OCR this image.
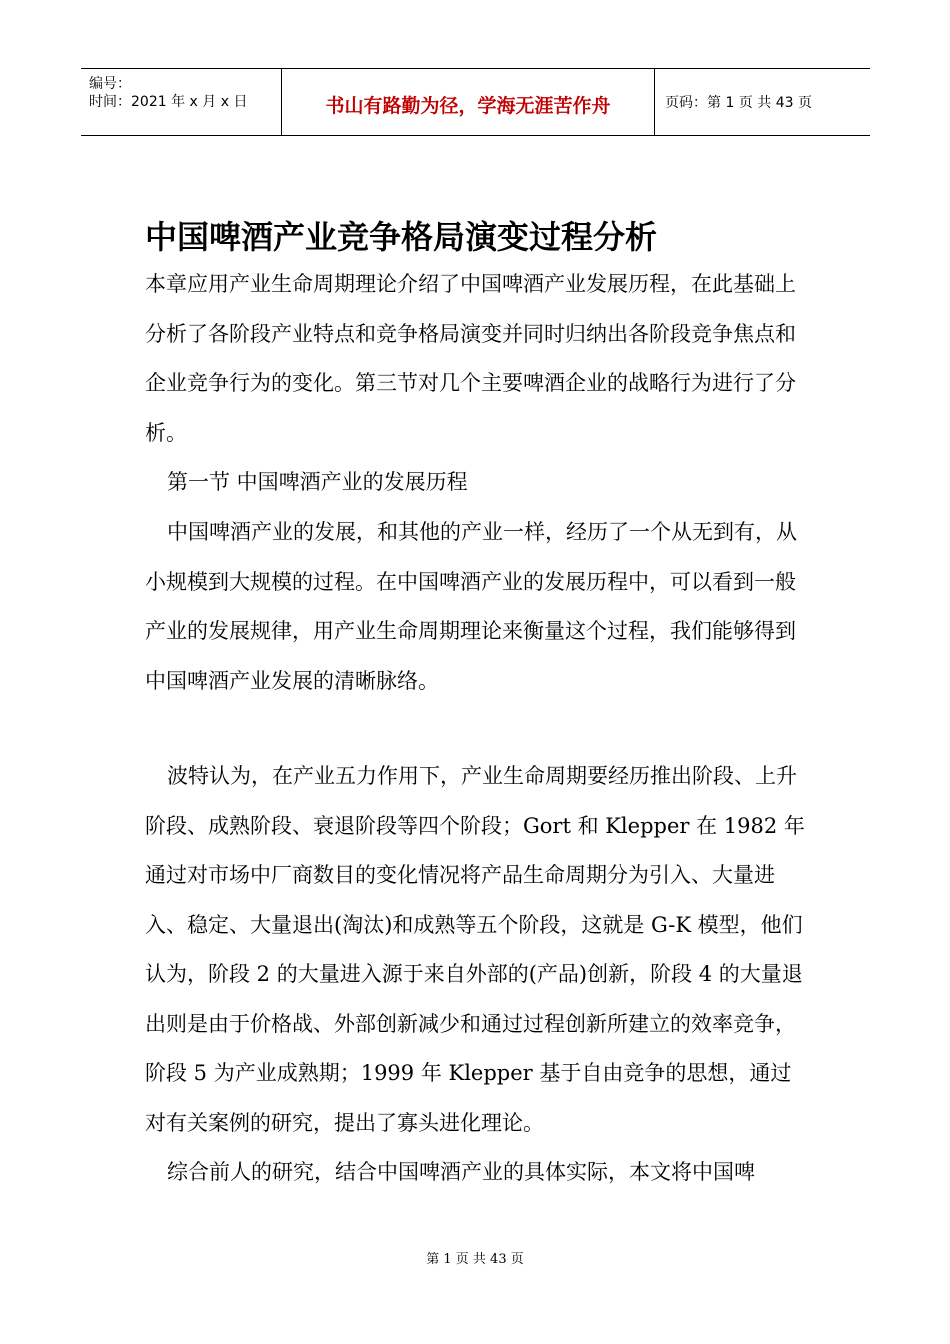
编号：
时间：2021 年 x 月 x 日	书山有路勤为径，学海无涯苦作舟	页码：第 1 页 共 43 页
中国啤酒产业竞争格局演变过程分析

本章应用产业生命周期理论介绍了中国啤酒产业发展历程，在此基础上分析了各阶段产业特点和竞争格局演变并同时归纳出各阶段竞争焦点和企业竞争行为的变化。第三节对几个主要啤酒企业的战略行为进行了分析。

第一节 中国啤酒产业的发展历程

中国啤酒产业的发展，和其他的产业一样，经历了一个从无到有，从小规模到大规模的过程。在中国啤酒产业的发展历程中，可以看到一般产业的发展规律，用产业生命周期理论来衡量这个过程，我们能够得到中国啤酒产业发展的清晰脉络。

波特认为，在产业五力作用下，产业生命周期要经历推出阶段、上升阶段、成熟阶段、衰退阶段等四个阶段；Gort 和 Klepper 在 1982 年通过对市场中厂商数目的变化情况将产品生命周期分为引入、大量进入、稳定、大量退出(淘汰)和成熟等五个阶段，这就是 G-K 模型，他们认为，阶段 2 的大量进入源于来自外部的(产品)创新，阶段 4 的大量退出则是由于价格战、外部创新减少和通过过程创新所建立的效率竞争，阶段 5 为产业成熟期；1999 年 Klepper 基于自由竞争的思想，通过对有关案例的研究，提出了寡头进化理论。

综合前人的研究，结合中国啤酒产业的具体实际，本文将中国啤

第 1 页 共 43 页
